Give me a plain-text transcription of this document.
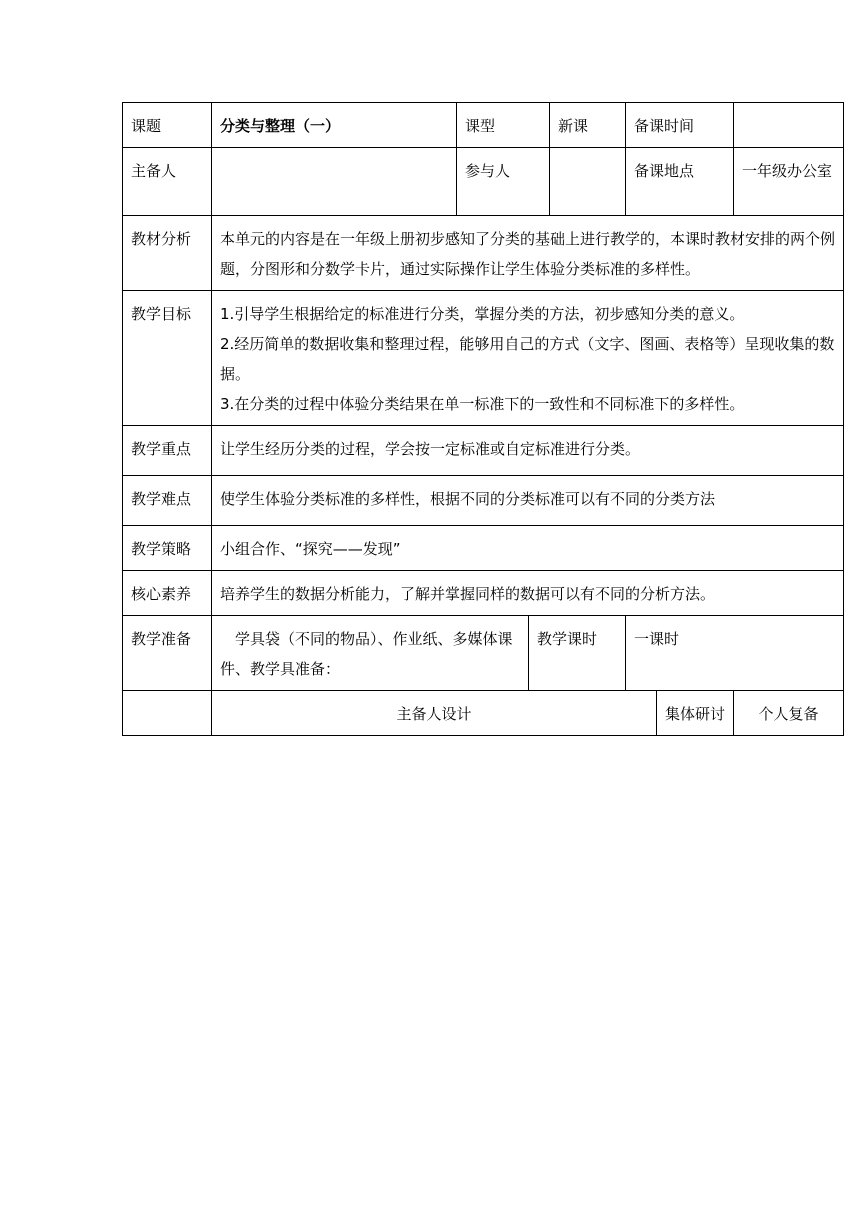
课题	分类与整理（一）	课型		新课	备课时间		
主备人		参与人			备课地点		一年级办公室
教材分析	本单元的内容是在一年级上册初步感知了分类的基础上进行教学的，本课时教材安排的两个例题，分图形和分数学卡片，通过实际操作让学生体验分类标准的多样性。						
教学目标	1.引导学生根据给定的标准进行分类，掌握分类的方法，初步感知分类的意义。

2.经历简单的数据收集和整理过程，能够用自己的方式（文字、图画、表格等）呈现收集的数据。

3.在分类的过程中体验分类结果在单一标准下的一致性和不同标准下的多样性。						

教学重点	让学生经历分类的过程，学会按一定标准或自定标准进行分类。						
教学难点	使学生体验分类标准的多样性，根据不同的分类标准可以有不同的分类方法						
教学策略	小组合作、“探究——发现”						
核心素养	培养学生的数据分析能力，了解并掌握同样的数据可以有不同的分析方法。						
教学准备	学具袋（不同的物品）、作业纸、多媒体课件、教学具准备：		教学课时		一课时		
	主备人设计					集体研讨	个人复备
